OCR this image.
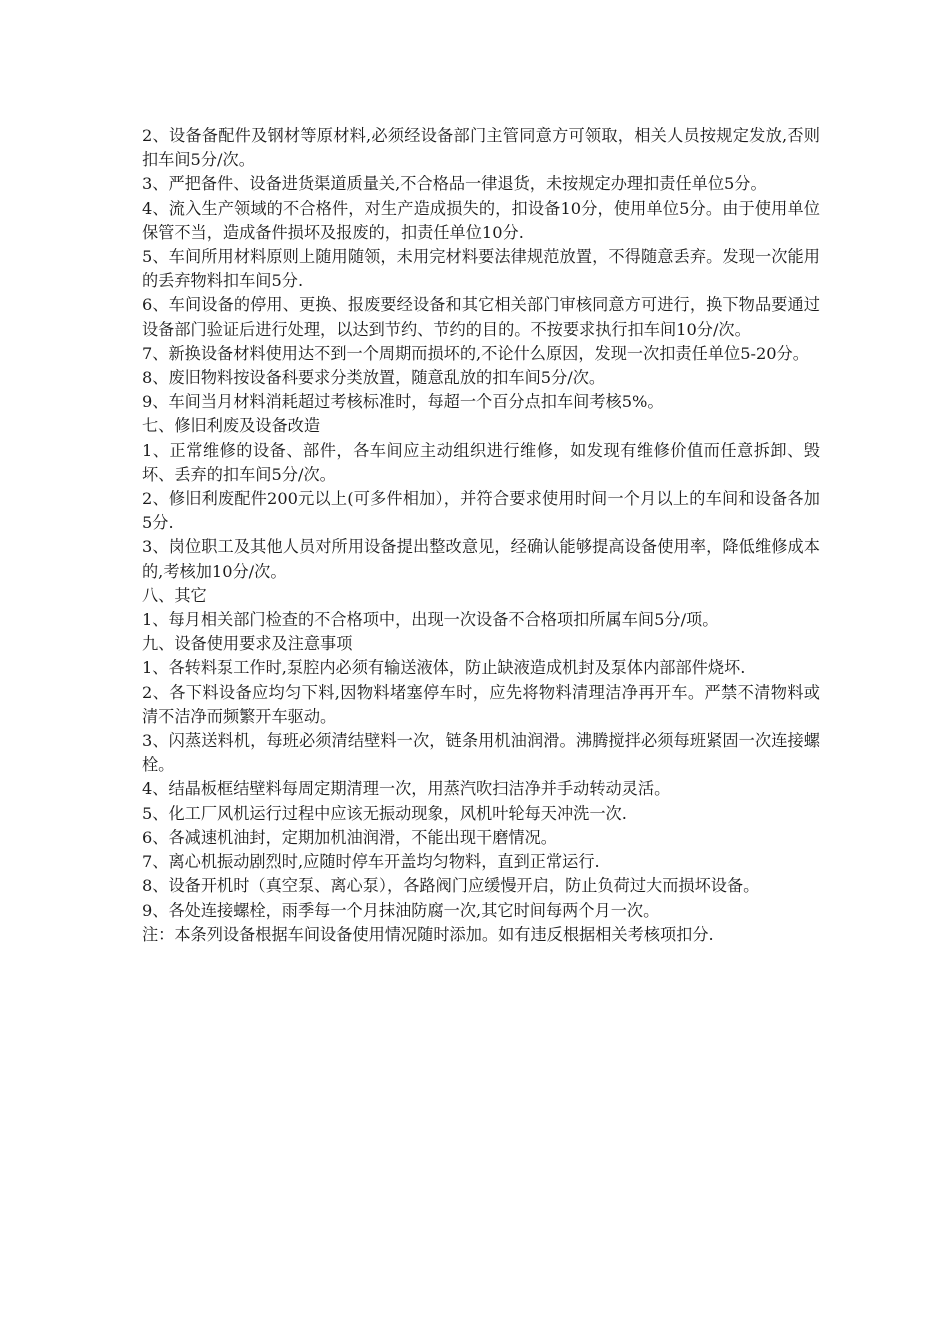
2、设备备配件及钢材等原材料,必须经设备部门主管同意方可领取，相关人员按规定发放,否则扣车间5分/次。

3、严把备件、设备进货渠道质量关,不合格品一律退货，未按规定办理扣责任单位5分。

4、流入生产领域的不合格件，对生产造成损失的，扣设备10分，使用单位5分。由于使用单位保管不当，造成备件损坏及报废的，扣责任单位10分.

5、车间所用材料原则上随用随领，未用完材料要法律规范放置，不得随意丢弃。发现一次能用的丢弃物料扣车间5分.

6、车间设备的停用、更换、报废要经设备和其它相关部门审核同意方可进行，换下物品要通过设备部门验证后进行处理，以达到节约、节约的目的。不按要求执行扣车间10分/次。

7、新换设备材料使用达不到一个周期而损坏的,不论什么原因，发现一次扣责任单位5-20分。

8、废旧物料按设备科要求分类放置，随意乱放的扣车间5分/次。

9、车间当月材料消耗超过考核标准时，每超一个百分点扣车间考核5%。

七、修旧利废及设备改造

1、正常维修的设备、部件，各车间应主动组织进行维修，如发现有维修价值而任意拆卸、毁坏、丢弃的扣车间5分/次。

2、修旧利废配件200元以上(可多件相加），并符合要求使用时间一个月以上的车间和设备各加5分.

3、岗位职工及其他人员对所用设备提出整改意见，经确认能够提高设备使用率，降低维修成本的,考核加10分/次。

八、其它

1、每月相关部门检查的不合格项中，出现一次设备不合格项扣所属车间5分/项。

九、设备使用要求及注意事项

1、各转料泵工作时,泵腔内必须有输送液体，防止缺液造成机封及泵体内部部件烧坏.

2、各下料设备应均匀下料,因物料堵塞停车时，应先将物料清理洁净再开车。严禁不清物料或清不洁净而频繁开车驱动。

3、闪蒸送料机，每班必须清结壁料一次，链条用机油润滑。沸腾搅拌必须每班紧固一次连接螺栓。

4、结晶板框结壁料每周定期清理一次，用蒸汽吹扫洁净并手动转动灵活。

5、化工厂风机运行过程中应该无振动现象，风机叶轮每天冲洗一次.

6、各减速机油封，定期加机油润滑，不能出现干磨情况。

7、离心机振动剧烈时,应随时停车开盖均匀物料，直到正常运行.

8、设备开机时（真空泵、离心泵），各路阀门应缓慢开启，防止负荷过大而损坏设备。

9、各处连接螺栓，雨季每一个月抹油防腐一次,其它时间每两个月一次。

注：本条列设备根据车间设备使用情况随时添加。如有违反根据相关考核项扣分.
